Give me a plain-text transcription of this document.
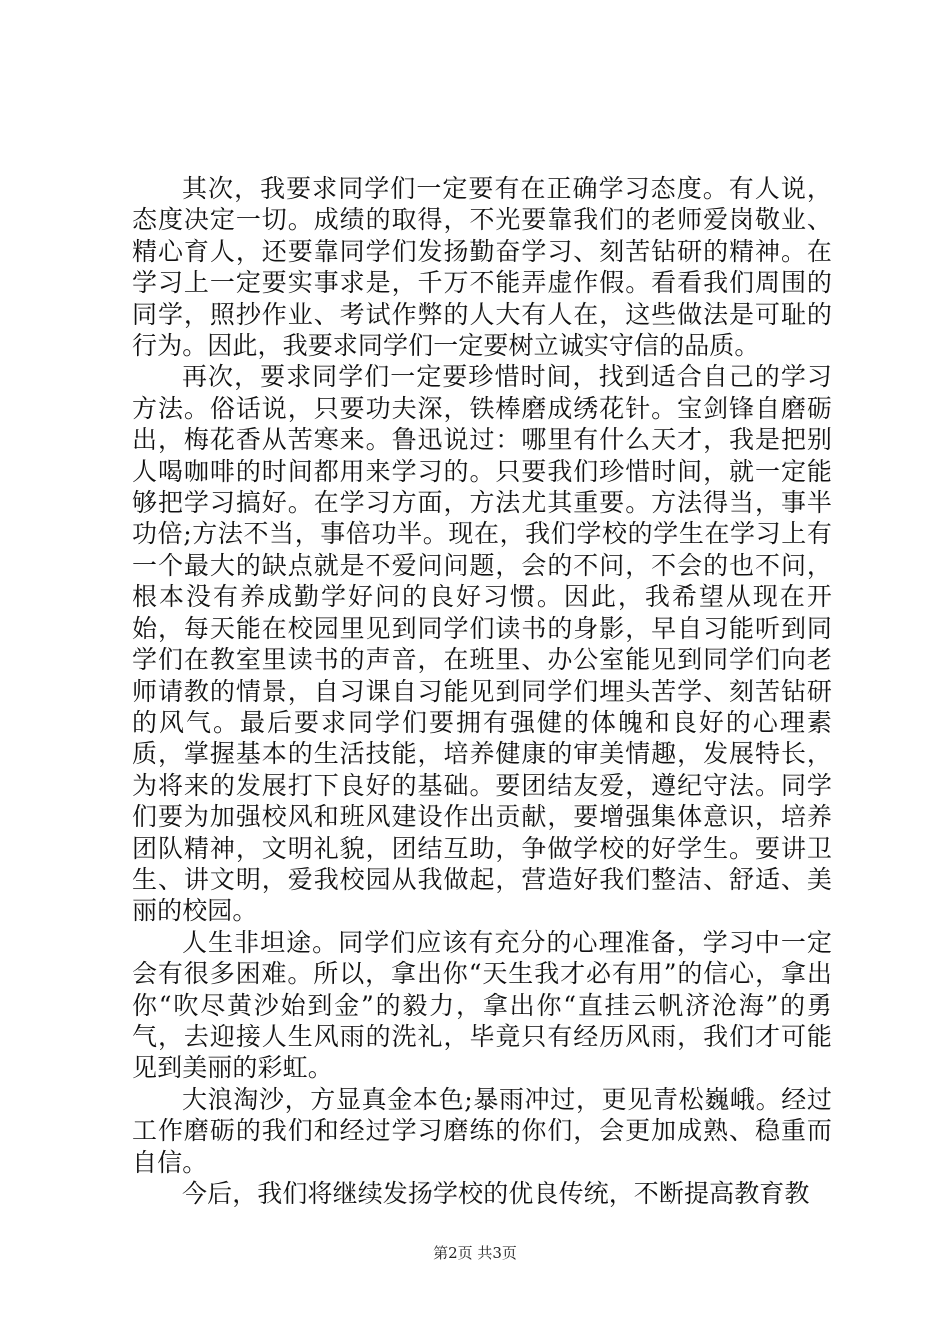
其次，我要求同学们一定要有在正确学习态度。有人说，态度决定一切。成绩的取得，不光要靠我们的老师爱岗敬业、精心育人，还要靠同学们发扬勤奋学习、刻苦钻研的精神。在学习上一定要实事求是，千万不能弄虚作假。看看我们周围的同学，照抄作业、考试作弊的人大有人在，这些做法是可耻的行为。因此，我要求同学们一定要树立诚实守信的品质。

再次，要求同学们一定要珍惜时间，找到适合自己的学习方法。俗话说，只要功夫深，铁棒磨成绣花针。宝剑锋自磨砺出，梅花香从苦寒来。鲁迅说过：哪里有什么天才，我是把别人喝咖啡的时间都用来学习的。只要我们珍惜时间，就一定能够把学习搞好。在学习方面，方法尤其重要。方法得当，事半功倍;方法不当，事倍功半。现在，我们学校的学生在学习上有一个最大的缺点就是不爱问问题，会的不问，不会的也不问，根本没有养成勤学好问的良好习惯。因此，我希望从现在开始，每天能在校园里见到同学们读书的身影，早自习能听到同学们在教室里读书的声音，在班里、办公室能见到同学们向老师请教的情景，自习课自习能见到同学们埋头苦学、刻苦钻研的风气。最后要求同学们要拥有强健的体魄和良好的心理素质，掌握基本的生活技能，培养健康的审美情趣，发展特长，为将来的发展打下良好的基础。要团结友爱，遵纪守法。同学们要为加强校风和班风建设作出贡献，要增强集体意识，培养团队精神，文明礼貌，团结互助，争做学校的好学生。要讲卫生、讲文明，爱我校园从我做起，营造好我们整洁、舒适、美丽的校园。

人生非坦途。同学们应该有充分的心理准备，学习中一定会有很多困难。所以，拿出你“天生我才必有用”的信心，拿出你“吹尽黄沙始到金”的毅力，拿出你“直挂云帆济沧海”的勇气，去迎接人生风雨的洗礼，毕竟只有经历风雨，我们才可能见到美丽的彩虹。

大浪淘沙，方显真金本色;暴雨冲过，更见青松巍峨。经过工作磨砺的我们和经过学习磨练的你们，会更加成熟、稳重而自信。

今后，我们将继续发扬学校的优良传统，不断提高教育教

第2页 共3页
